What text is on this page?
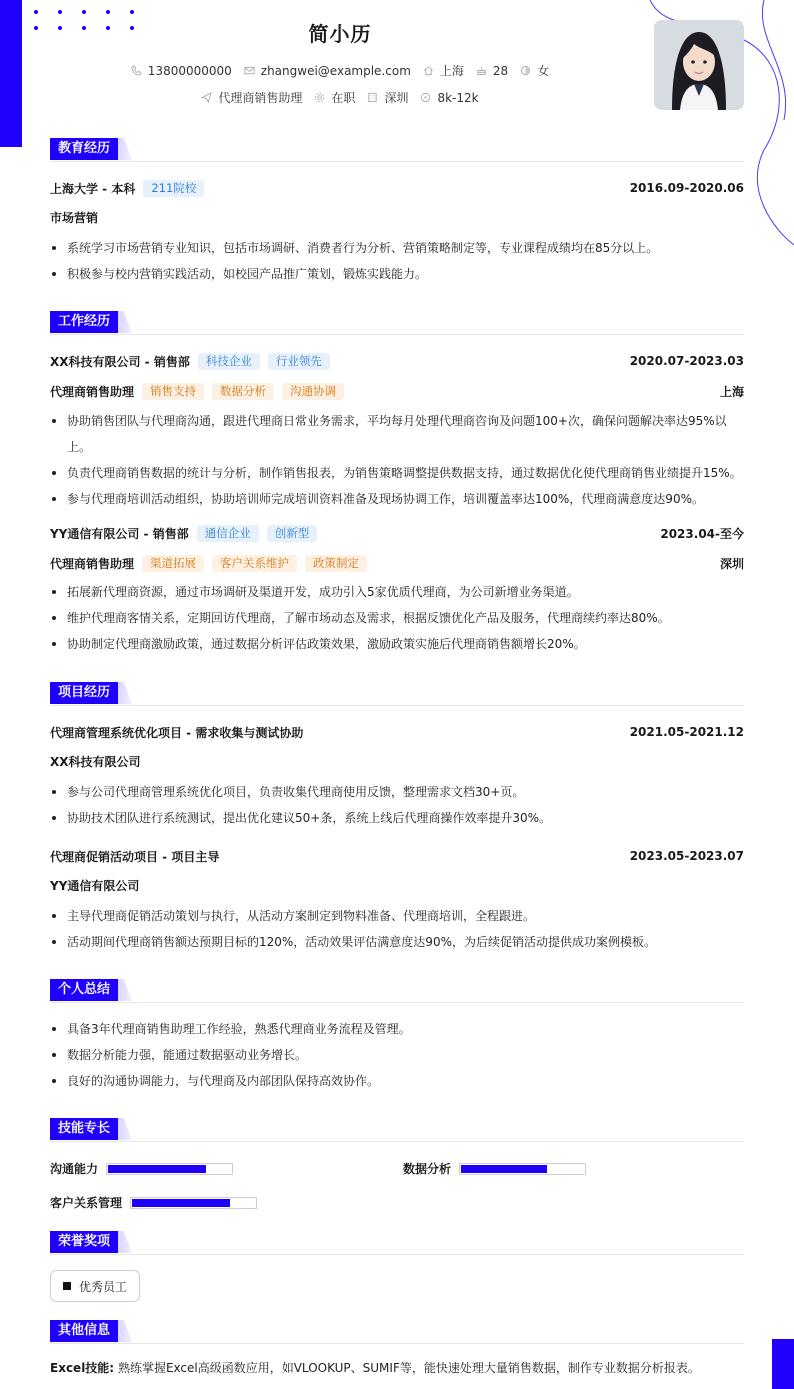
简小历
13800000000 zhangwei@example.com 上海 28 女
代理商销售助理 在职 深圳 8k-12k
教育经历
上海大学 - 本科	211院校	2016.09-2020.06
市场营销
系统学习市场营销专业知识，包括市场调研、消费者行为分析、营销策略制定等，专业课程成绩均在85分以上。
积极参与校内营销实践活动，如校园产品推广策划，锻炼实践能力。
工作经历
XX科技有限公司 - 销售部	科技企业	行业领先	2020.07-2023.03
代理商销售助理	销售支持	数据分析	沟通协调	上海
协助销售团队与代理商沟通，跟进代理商日常业务需求，平均每月处理代理商咨询及问题100+次，确保问题解决率达95%以上。
负责代理商销售数据的统计与分析，制作销售报表，为销售策略调整提供数据支持，通过数据优化使代理商销售业绩提升15%。
参与代理商培训活动组织，协助培训师完成培训资料准备及现场协调工作，培训覆盖率达100%，代理商满意度达90%。
YY通信有限公司 - 销售部	通信企业	创新型	2023.04-至今
代理商销售助理	渠道拓展	客户关系维护	政策制定	深圳
拓展新代理商资源，通过市场调研及渠道开发，成功引入5家优质代理商，为公司新增业务渠道。
维护代理商客情关系，定期回访代理商，了解市场动态及需求，根据反馈优化产品及服务，代理商续约率达80%。
协助制定代理商激励政策，通过数据分析评估政策效果，激励政策实施后代理商销售额增长20%。
项目经历
代理商管理系统优化项目 - 需求收集与测试协助	2021.05-2021.12
XX科技有限公司
参与公司代理商管理系统优化项目，负责收集代理商使用反馈，整理需求文档30+页。
协助技术团队进行系统测试，提出优化建议50+条，系统上线后代理商操作效率提升30%。
代理商促销活动项目 - 项目主导	2023.05-2023.07
YY通信有限公司
主导代理商促销活动策划与执行，从活动方案制定到物料准备、代理商培训，全程跟进。
活动期间代理商销售额达预期目标的120%，活动效果评估满意度达90%，为后续促销活动提供成功案例模板。
个人总结
具备3年代理商销售助理工作经验，熟悉代理商业务流程及管理。
数据分析能力强，能通过数据驱动业务增长。
良好的沟通协调能力，与代理商及内部团队保持高效协作。
技能专长
沟通能力	数据分析
客户关系管理
荣誉奖项
优秀员工
其他信息
Excel技能: 熟练掌握Excel高级函数应用，如VLOOKUP、SUMIF等，能快速处理大量销售数据，制作专业数据分析报表。
